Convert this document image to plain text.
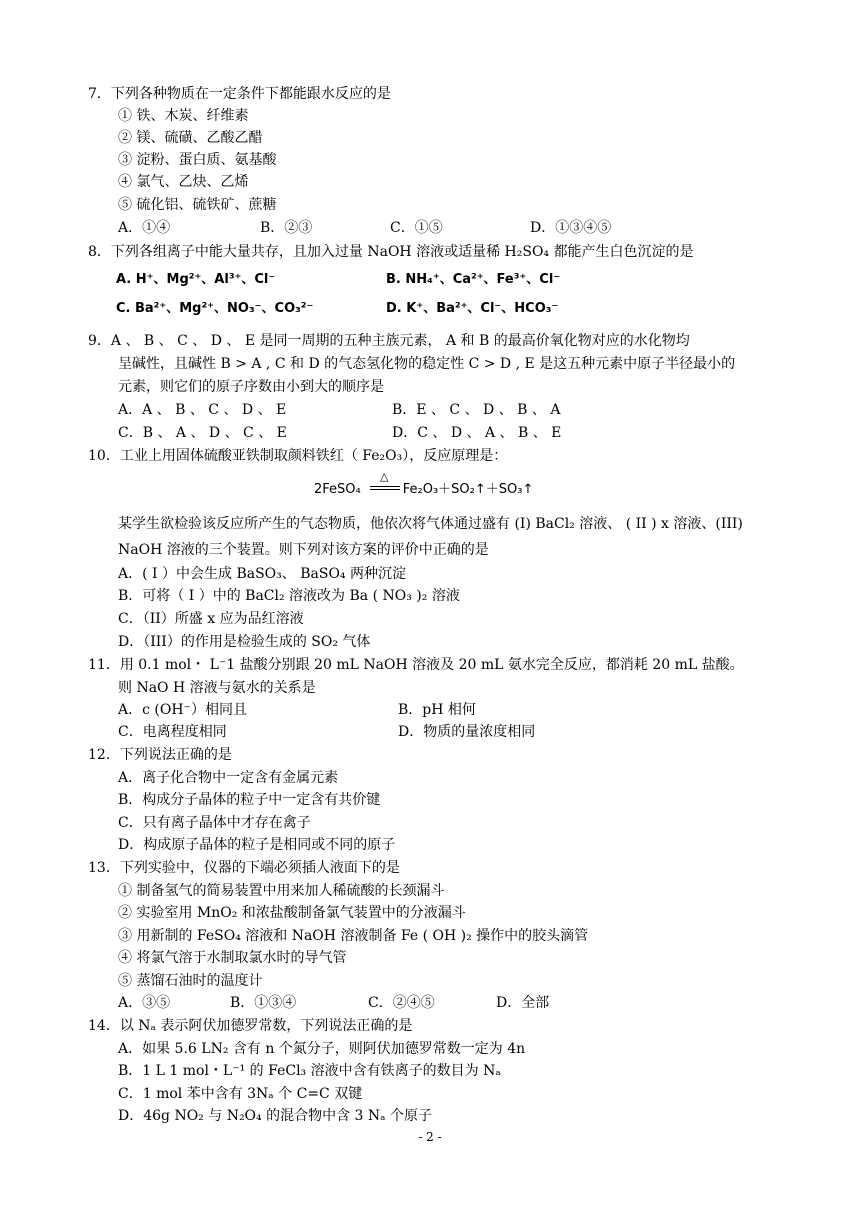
7．下列各种物质在一定条件下都能跟水反应的是
① 铁、木炭、纤维素
② 镁、硫磺、乙酸乙醋
③ 淀粉、蛋白质、氨基酸
④ 氯气、乙炔、乙烯
⑤ 硫化铝、硫铁矿、蔗糖
A．①④	B．②③	C．①⑤	D．①③④⑤
8．下列各组离子中能大量共存，且加入过量 NaOH 溶液或适量稀 H₂SO₄ 都能产生白色沉淀的是
A. H⁺、Mg²⁺、Al³⁺、Cl⁻	B. NH₄⁺、Ca²⁺、Fe³⁺、Cl⁻
C. Ba²⁺、Mg²⁺、NO₃⁻、CO₃²⁻	D. K⁺、Ba²⁺、Cl⁻、HCO₃⁻
9．A 、 B 、 C 、 D 、 E 是同一周期的五种主族元素， A 和 B 的最高价氧化物对应的水化物均
呈碱性，且碱性 B > A , C 和 D 的气态氢化物的稳定性 C > D , E 是这五种元素中原子半径最小的
元素，则它们的原子序数由小到大的顺序是
A．A 、 B 、 C 、 D 、 E	B．E 、 C 、 D 、 B 、 A
C．B 、 A 、 D 、 C 、 E	D．C 、 D 、 A 、 B 、 E
10．工业上用固体硫酸亚铁制取颜料铁红（ Fe₂O₃），反应原理是：
2FeSO₄	Fe₂O₃＋SO₂↑＋SO₃↑
△
某学生欲检验该反应所产生的气态物质，他依次将气体通过盛有 (I) BaCl₂ 溶液、 ( II ) x 溶液、(III)
NaOH 溶液的三个装置。则下列对该方案的评价中正确的是
A．( I ）中会生成 BaSO₃、 BaSO₄ 两种沉淀
B．可将（ I ）中的 BaCl₂ 溶液改为 Ba ( NO₃ )₂ 溶液
C．（II）所盛 x 应为品红溶液
D．（III）的作用是检验生成的 SO₂ 气体
11．用 0.1 mol・ L⁻1 盐酸分别跟 20 mL NaOH 溶液及 20 mL 氨水完全反应，都消耗 20 mL 盐酸。
则 NaO H 溶液与氨水的关系是
A．c (OH⁻）相同且	B．pH 相何
C．电离程度相同	D．物质的量浓度相同
12．下列说法正确的是
A．离子化合物中一定含有金属元素
B．构成分子晶体的粒子中一定含有共价键
C．只有离子晶体中才存在禽子
D．构成原子晶体的粒子是相同或不同的原子
13．下列实验中，仪器的下端必须插人液面下的是
① 制备氢气的简易装置中用来加人稀硫酸的长颈漏斗
② 实验室用 MnO₂ 和浓盐酸制备氯气装置中的分液漏斗
③ 用新制的 FeSO₄ 溶液和 NaOH 溶液制备 Fe ( OH )₂ 操作中的胶头滴管
④ 将氯气溶于水制取氯水时的导气管
⑤ 蒸馏石油时的温度计
A．③⑤	B．①③④	C．②④⑤	D．全部
14．以 Nₐ 表示阿伏加德罗常数，下列说法正确的是
A．如果 5.6 LN₂ 含有 n 个氮分子，则阿伏加德罗常数一定为 4n
B．1 L 1 mol・L⁻¹ 的 FeCl₃ 溶液中含有铁离子的数目为 Nₐ
C．1 mol 苯中含有 3Nₐ 个 C=C 双键
D．46g NO₂ 与 N₂O₄ 的混合物中含 3 Nₐ 个原子
- 2 -
